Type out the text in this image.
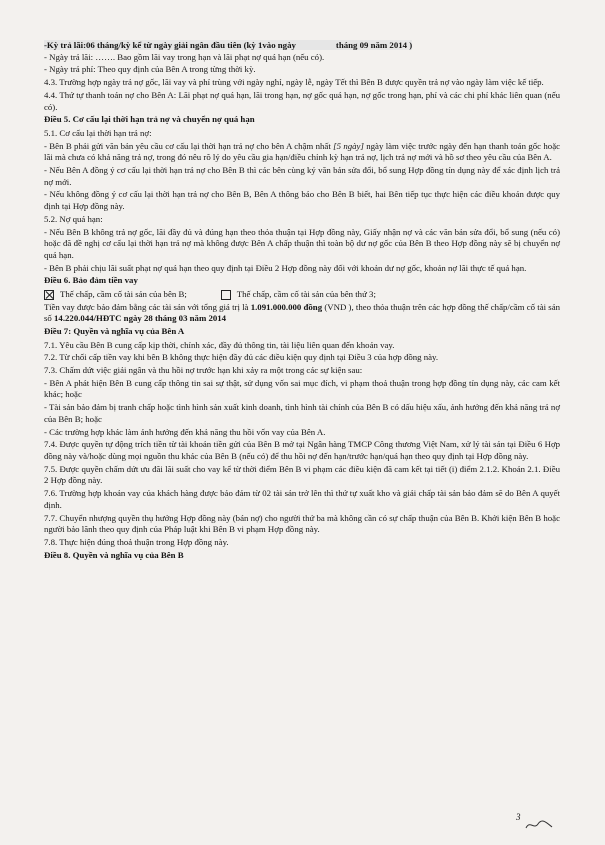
-Kỳ trả lãi:06 tháng/kỳ kể từ ngày giải ngân đầu tiên (kỳ 1vào ngày	tháng 09 năm 2014 )

- Ngày trả lãi: ……. Bao gồm lãi vay trong hạn và lãi phạt nợ quá hạn (nếu có).

- Ngày trả phí: Theo quy định của Bên A trong từng thời kỳ.

4.3. Trường hợp ngày trả nợ gốc, lãi vay và phí trùng với ngày nghỉ, ngày lễ, ngày Tết thì Bên B được quyền trả nợ vào ngày làm việc kế tiếp.

4.4. Thứ tự thanh toán nợ cho Bên A: Lãi phạt nợ quá hạn, lãi trong hạn, nợ gốc quá hạn, nợ gốc trong hạn, phí và các chi phí khác liên quan (nếu có).

Điều 5. Cơ cấu lại thời hạn trả nợ và chuyển nợ quá hạn

5.1. Cơ cấu lại thời hạn trả nợ:

- Bên B phải gửi văn bản yêu cầu cơ cấu lại thời hạn trả nợ cho bên A chậm nhất [5 ngày] ngày làm việc trước ngày đến hạn thanh toán gốc hoặc lãi mà chưa có khả năng trả nợ, trong đó nêu rõ lý do yêu cầu gia hạn/điều chỉnh kỳ hạn trả nợ, lịch trả nợ mới và hồ sơ theo yêu cầu của Bên A.

- Nếu Bên A đồng ý cơ cấu lại thời hạn trả nợ cho Bên B thì các bên cùng ký văn bản sửa đổi, bổ sung Hợp đồng tín dụng này để xác định lịch trả nợ mới.

- Nếu không đồng ý cơ cấu lại thời hạn trả nợ cho Bên B, Bên A thông báo cho Bên B biết, hai Bên tiếp tục thực hiện các điều khoản được quy định tại Hợp đồng này.

5.2. Nợ quá hạn:

- Nếu Bên B không trả nợ gốc, lãi đầy đủ và đúng hạn theo thỏa thuận tại Hợp đồng này, Giấy nhận nợ và các văn bản sửa đổi, bổ sung (nếu có) hoặc đã đề nghị cơ cấu lại thời hạn trả nợ mà không được Bên A chấp thuận thì toàn bộ dư nợ gốc của Bên B theo Hợp đồng này sẽ bị chuyển nợ quá hạn.

- Bên B phải chịu lãi suất phạt nợ quá hạn theo quy định tại Điều 2 Hợp đồng này đối với khoản dư nợ gốc, khoản nợ lãi thực tế quá hạn.

Điều 6. Bảo đảm tiền vay

Thế chấp, cầm cố tài sản của bên B;	Thế chấp, cầm cố tài sản của bên thứ 3;

Tiền vay được bảo đảm bằng các tài sản với tổng giá trị là 1.091.000.000 đồng (VND ), theo thỏa thuận trên các hợp đồng thế chấp/cầm cố tài sản số 14.220.044/HĐTC ngày 28 tháng 03 năm 2014

Điều 7: Quyền và nghĩa vụ của Bên A

7.1. Yêu cầu Bên B cung cấp kịp thời, chính xác, đầy đủ thông tin, tài liệu liên quan đến khoản vay.

7.2. Từ chối cấp tiền vay khi bên B không thực hiện đầy đủ các điều kiện quy định tại Điều 3 của hợp đồng này.

7.3. Chấm dứt việc giải ngân và thu hồi nợ trước hạn khi xảy ra một trong các sự kiện sau:

- Bên A phát hiện Bên B cung cấp thông tin sai sự thật, sử dụng vốn sai mục đích, vi phạm thoả thuận trong hợp đồng tín dụng này, các cam kết khác; hoặc

- Tài sản bảo đảm bị tranh chấp hoặc tình hình sản xuất kinh doanh, tình hình tài chính của Bên B có dấu hiệu xấu, ảnh hưởng đến khả năng trả nợ của Bên B; hoặc

- Các trường hợp khác làm ảnh hưởng đến khả năng thu hồi vốn vay của Bên A.

7.4. Được quyền tự động trích tiền từ tài khoản tiền gửi của Bên B mở tại Ngân hàng TMCP Công thương Việt Nam, xử lý tài sản tại Điều 6 Hợp đồng này và/hoặc dùng mọi nguồn thu khác của Bên B (nếu có) để thu hồi nợ đến hạn/trước hạn/quá hạn theo quy định tại Hợp đồng này.

7.5. Được quyền chấm dứt ưu đãi lãi suất cho vay kể từ thời điểm Bên B vi phạm các điều kiện đã cam kết tại tiết (i) điểm 2.1.2. Khoản 2.1. Điều 2 Hợp đồng này.

7.6. Trường hợp khoản vay của khách hàng được bảo đảm từ 02 tài sản trở lên thì thứ tự xuất kho và giải chấp tài sản bảo đảm sẽ do Bên A quyết định.

7.7. Chuyển nhượng quyền thụ hưởng Hợp đồng này (bán nợ) cho người thứ ba mà không cần có sự chấp thuận của Bên B. Khởi kiện Bên B hoặc người bảo lãnh theo quy định của Pháp luật khi Bên B vi phạm Hợp đồng này.

7.8. Thực hiện đúng thoả thuận trong Hợp đồng này.

Điều 8. Quyền và nghĩa vụ của Bên B

3
